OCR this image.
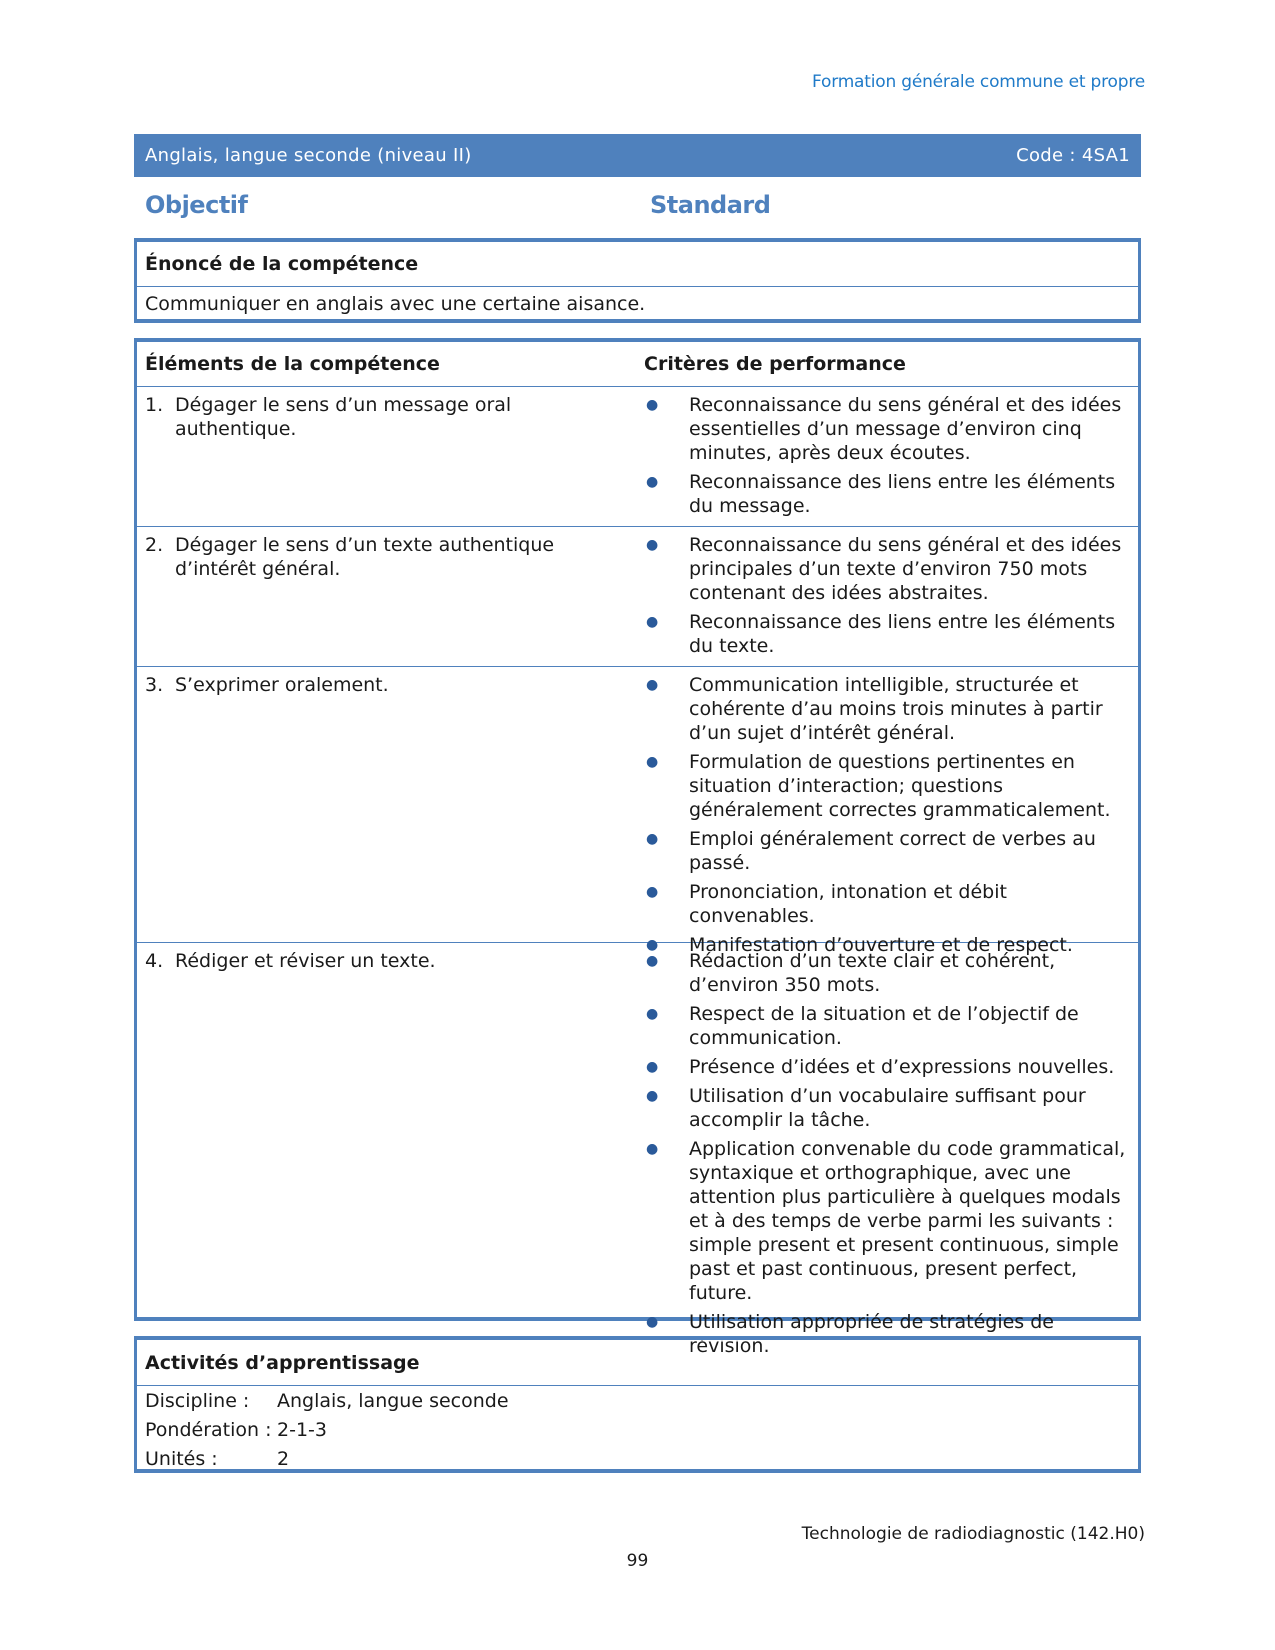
Formation générale commune et propre
Anglais, langue seconde (niveau II)	Code : 4SA1
Objectif	Standard
Énoncé de la compétence
Communiquer en anglais avec une certaine aisance.
Éléments de la compétence	Critères de performance
1. Dégager le sens d’un message oral authentique.
●	Reconnaissance du sens général et des idées essentielles d’un message d’environ cinq minutes, après deux écoutes.
●	Reconnaissance des liens entre les éléments du message.
2. Dégager le sens d’un texte authentique d’intérêt général.
●	Reconnaissance du sens général et des idées principales d’un texte d’environ 750 mots contenant des idées abstraites.
●	Reconnaissance des liens entre les éléments du texte.
3. S’exprimer oralement.	●	Communication intelligible, structurée et cohérente d’au moins trois minutes à partir d’un sujet d’intérêt général.
●	Formulation de questions pertinentes en situation d’interaction; questions généralement correctes grammaticalement.
●	Emploi généralement correct de verbes au passé.
●	Prononciation, intonation et débit convenables.
●	Manifestation d’ouverture et de respect.
4. Rédiger et réviser un texte.	●	Rédaction d’un texte clair et cohérent, d’environ 350 mots.
●	Respect de la situation et de l’objectif de communication.
●	Présence d’idées et d’expressions nouvelles.
●	Utilisation d’un vocabulaire suffisant pour accomplir la tâche.
●	Application convenable du code grammatical, syntaxique et orthographique, avec une attention plus particulière à quelques modals et à des temps de verbe parmi les suivants : simple present et present continuous, simple past et past continuous, present perfect, future.
●	Utilisation appropriée de stratégies de révision.
Activités d’apprentissage
Discipline :	Anglais, langue seconde
Pondération : 2-1-3
Unités :	2
Technologie de radiodiagnostic (142.H0)
99
